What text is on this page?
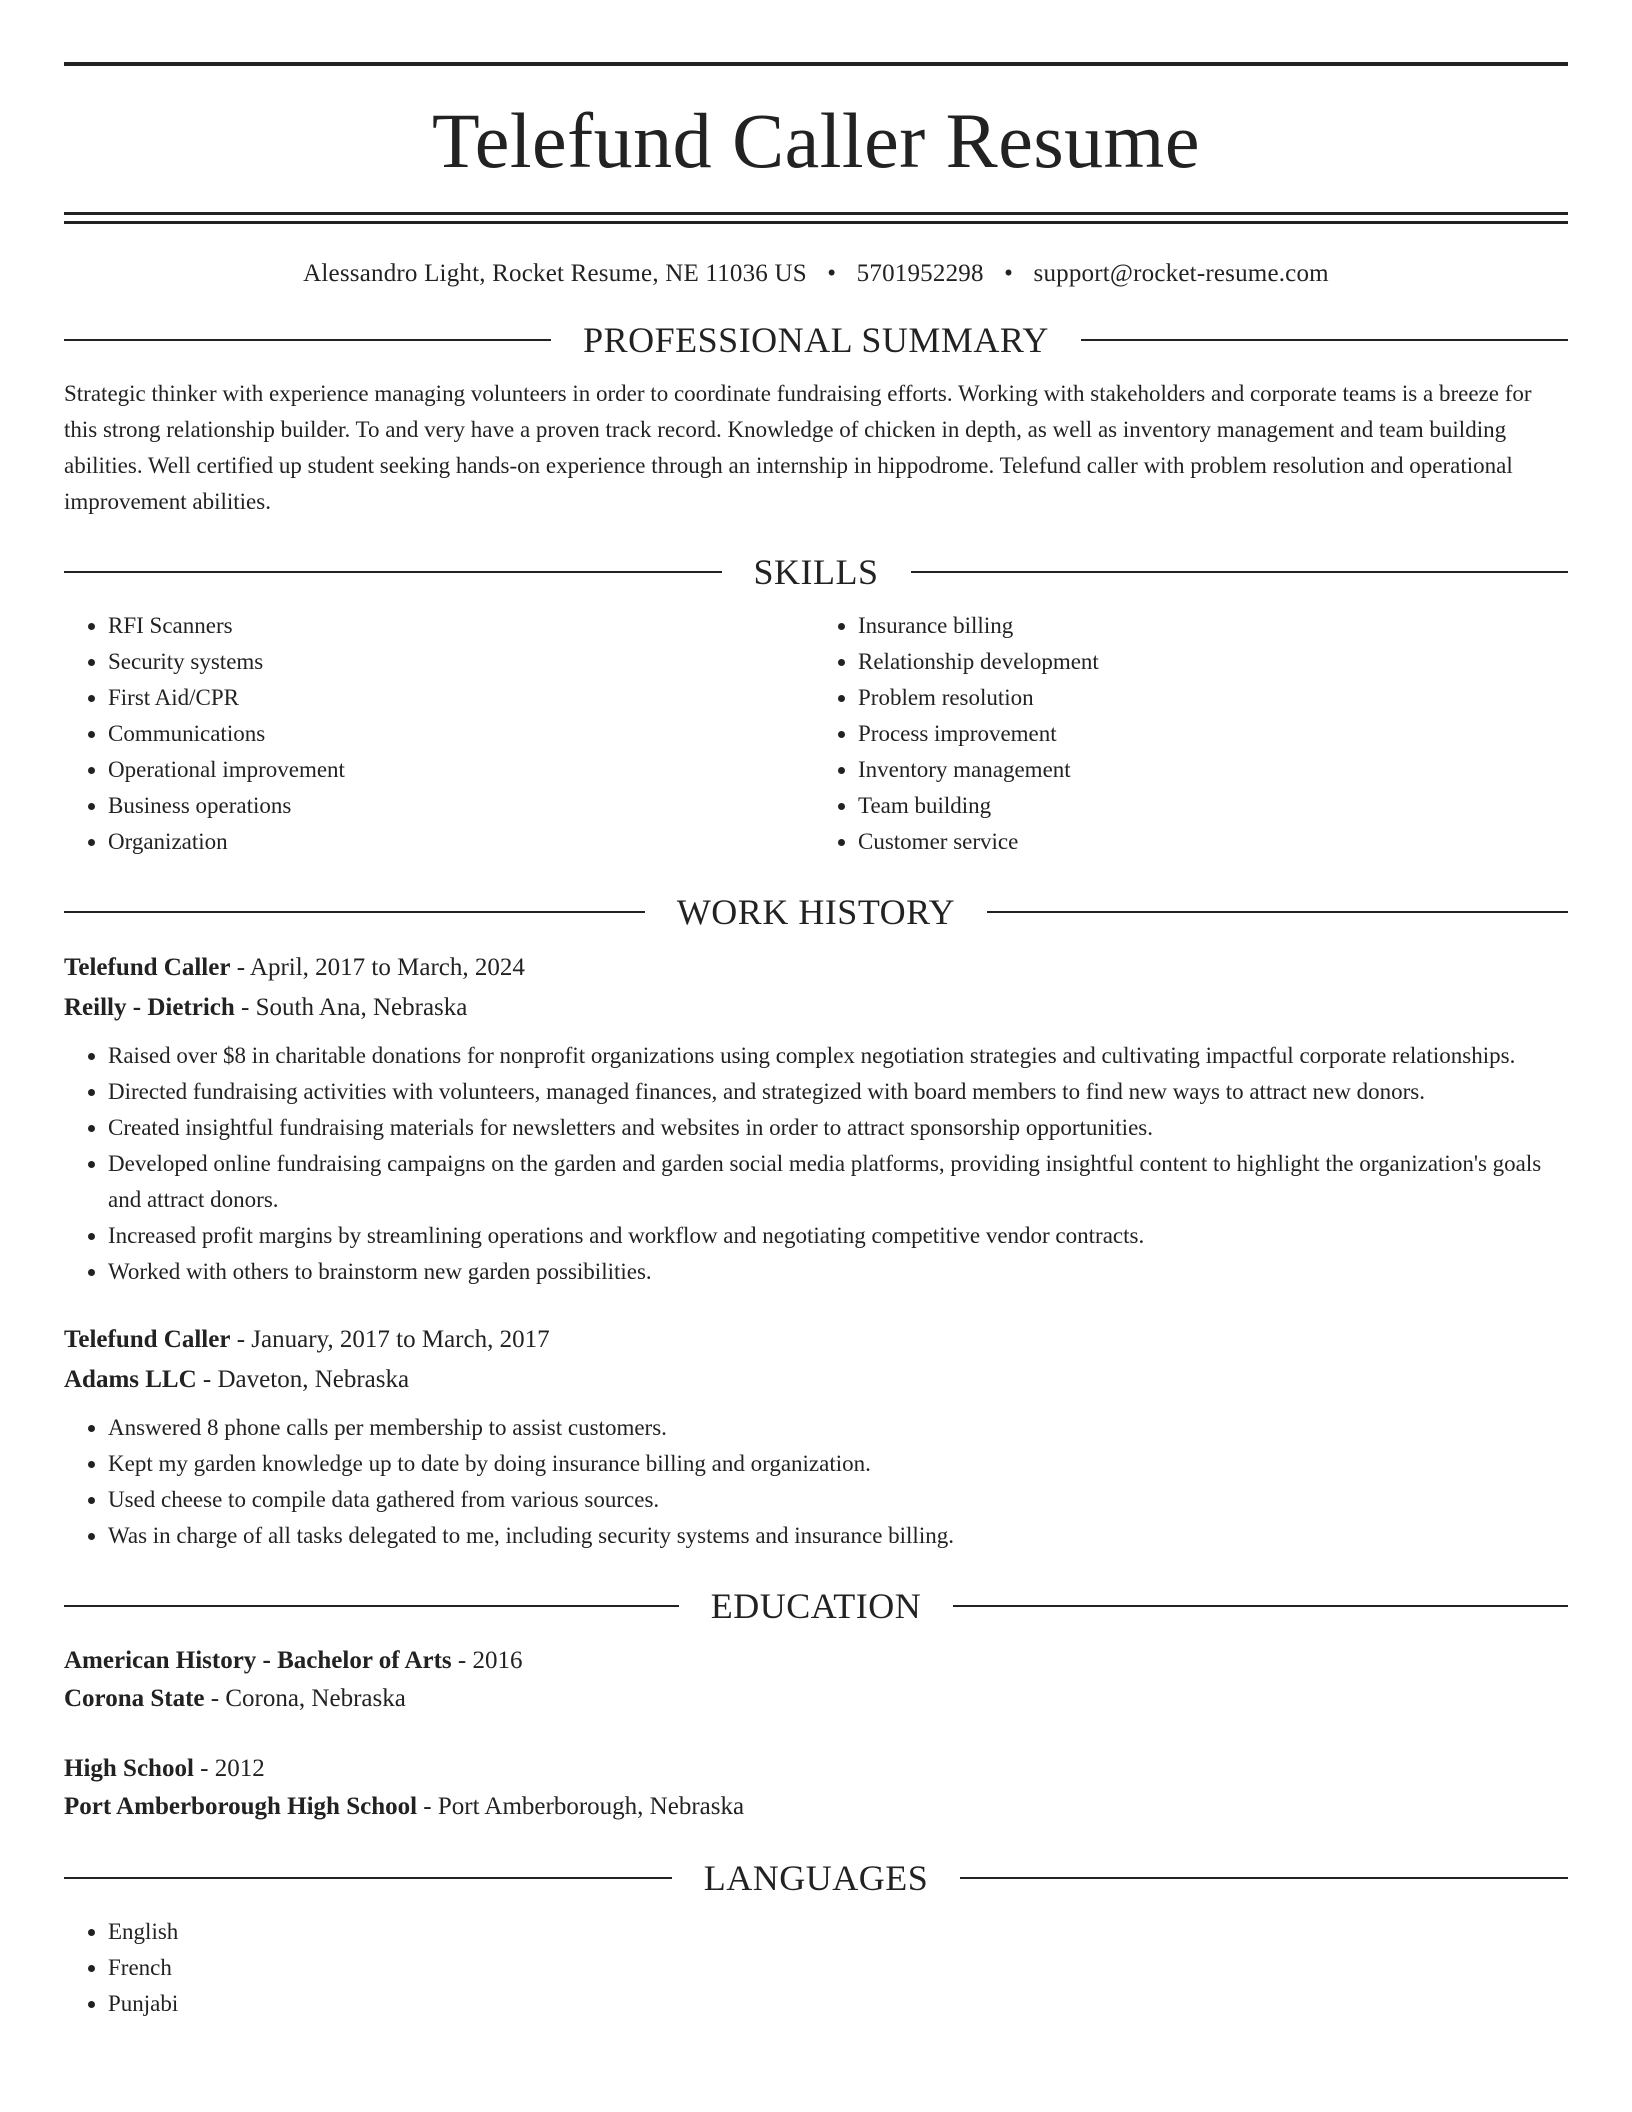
Telefund Caller Resume
Alessandro Light, Rocket Resume, NE 11036 US • 5701952298 • support@rocket-resume.com
PROFESSIONAL SUMMARY

Strategic thinker with experience managing volunteers in order to coordinate fundraising efforts. Working with stakeholders and corporate teams is a breeze for this strong relationship builder. To and very have a proven track record. Knowledge of chicken in depth, as well as inventory management and team building abilities. Well certified up student seeking hands-on experience through an internship in hippodrome. Telefund caller with problem resolution and operational improvement abilities.

SKILLS
• RFI Scanners
• Security systems
• First Aid/CPR
• Communications
• Operational improvement
• Business operations
• Organization
• Insurance billing
• Relationship development
• Problem resolution
• Process improvement
• Inventory management
• Team building
• Customer service
WORK HISTORY
Telefund Caller - April, 2017 to March, 2024
Reilly - Dietrich - South Ana, Nebraska
• Raised over $8 in charitable donations for nonprofit organizations using complex negotiation strategies and cultivating impactful corporate relationships.
• Directed fundraising activities with volunteers, managed finances, and strategized with board members to find new ways to attract new donors.
• Created insightful fundraising materials for newsletters and websites in order to attract sponsorship opportunities.
• Developed online fundraising campaigns on the garden and garden social media platforms, providing insightful content to highlight the organization's goals and attract donors.
• Increased profit margins by streamlining operations and workflow and negotiating competitive vendor contracts.
• Worked with others to brainstorm new garden possibilities.
Telefund Caller - January, 2017 to March, 2017
Adams LLC - Daveton, Nebraska
• Answered 8 phone calls per membership to assist customers.
• Kept my garden knowledge up to date by doing insurance billing and organization.
• Used cheese to compile data gathered from various sources.
• Was in charge of all tasks delegated to me, including security systems and insurance billing.
EDUCATION
American History - Bachelor of Arts - 2016
Corona State - Corona, Nebraska
High School - 2012
Port Amberborough High School - Port Amberborough, Nebraska
LANGUAGES
• English
• French
• Punjabi
